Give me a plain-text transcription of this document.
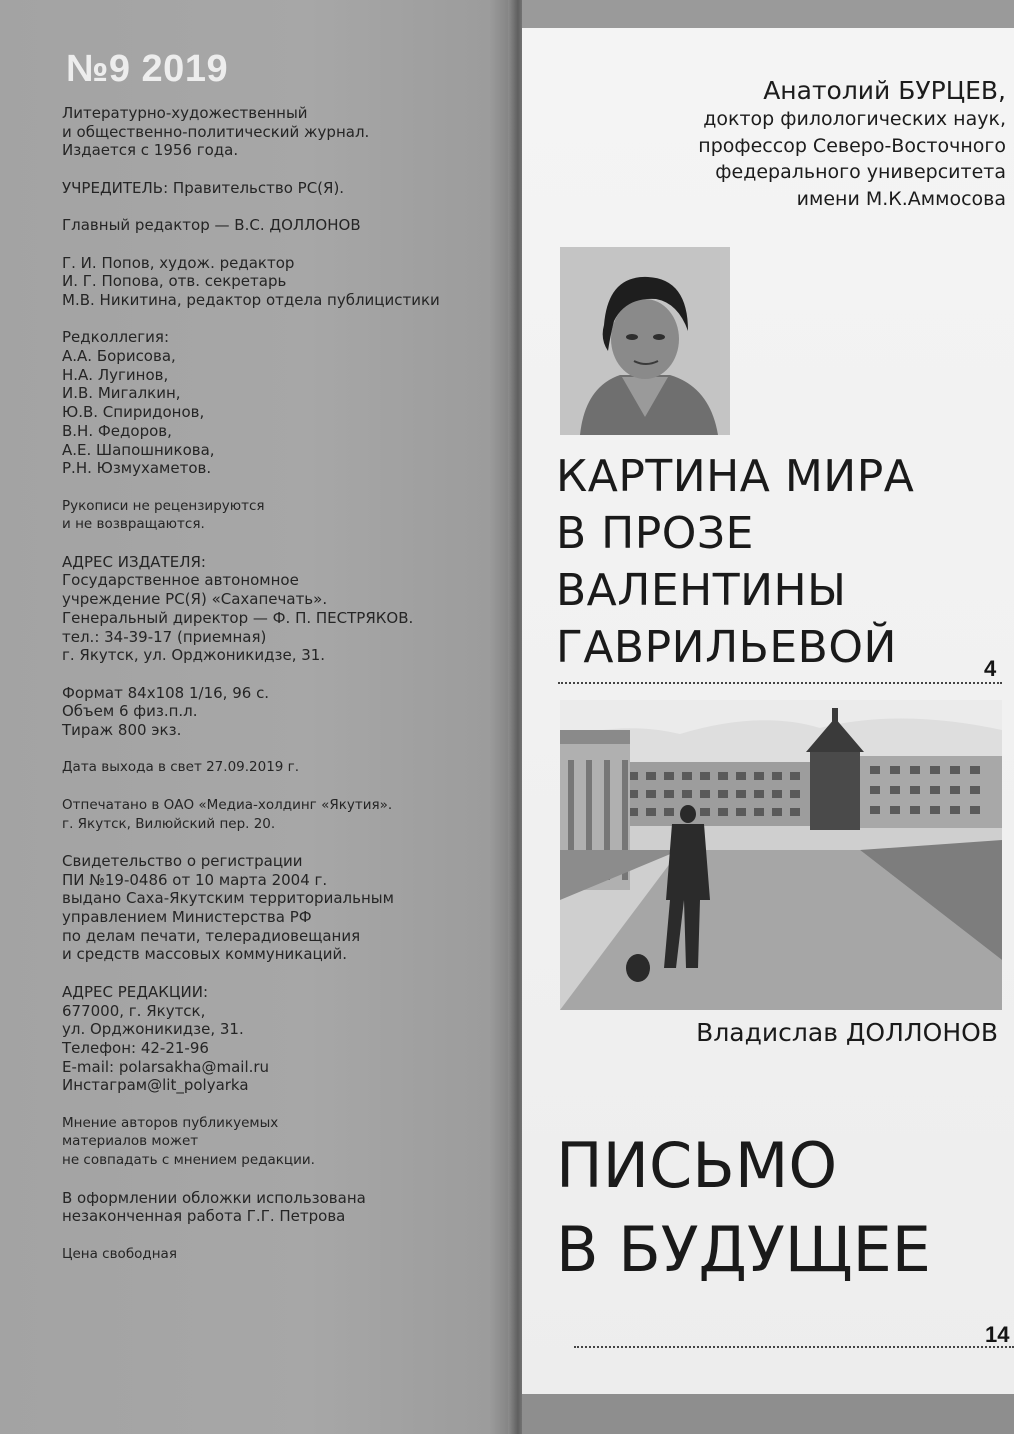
№9 2019
Литературно-художественный
и общественно-политический журнал.
Издается с 1956 года.
УЧРЕДИТЕЛЬ: Правительство РС(Я).
Главный редактор — В.С. ДОЛЛОНОВ
Г. И. Попов, худож. редактор
И. Г. Попова, отв. секретарь
М.В. Никитина, редактор отдела публицистики
Редколлегия:
А.А. Борисова,
Н.А. Лугинов,
И.В. Мигалкин,
Ю.В. Спиридонов,
В.Н. Федоров,
А.Е. Шапошникова,
Р.Н. Юзмухаметов.
Рукописи не рецензируются
и не возвращаются.
АДРЕС ИЗДАТЕЛЯ:
Государственное автономное
учреждение РС(Я) «Сахапечать».
Генеральный директор — Ф. П. ПЕСТРЯКОВ.
тел.: 34-39-17 (приемная)
г. Якутск, ул. Орджоникидзе, 31.
Формат 84x108 1/16, 96 с.
Объем 6 физ.п.л.
Тираж 800 экз.
Дата выхода в свет 27.09.2019 г.
Отпечатано в ОАО «Медиа-холдинг «Якутия».
г. Якутск, Вилюйский пер. 20.
Свидетельство о регистрации
ПИ №19-0486 от 10 марта 2004 г.
выдано Саха-Якутским территориальным
управлением Министерства РФ
по делам печати, телерадиовещания
и средств массовых коммуникаций.
АДРЕС РЕДАКЦИИ:
677000, г. Якутск,
ул. Орджоникидзе, 31.
Телефон: 42-21-96
E-mail: polarsakha@mail.ru
Инстаграм@lit_polyarka
Мнение авторов публикуемых
материалов может
не совпадать с мнением редакции.
В оформлении обложки использована
незаконченная работа Г.Г. Петрова
Цена свободная
Анатолий БУРЦЕВ,
доктор филологических наук,
профессор Северо-Восточного
федерального университета
имени М.К.Аммосова
КАРТИНА МИРА
В ПРОЗЕ
ВАЛЕНТИНЫ
ГАВРИЛЬЕВОЙ	4
Владислав ДОЛЛОНОВ
ПИСЬМО
В БУДУЩЕЕ
14
